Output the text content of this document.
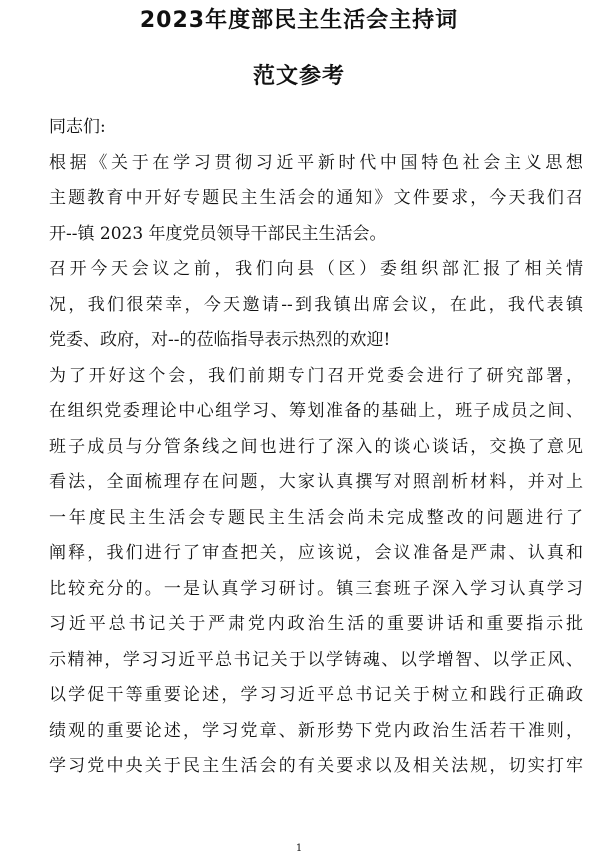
2023年度部民主生活会主持词
范文参考

同志们:

根据《关于在学习贯彻习近平新时代中国特色社会主义思想
主题教育中开好专题民主生活会的通知》文件要求，今天我们召
开--镇 2023 年度党员领导干部民主生活会。

召开今天会议之前，我们向县（区）委组织部汇报了相关情
况，我们很荣幸，今天邀请--到我镇出席会议，在此，我代表镇
党委、政府，对--的莅临指导表示热烈的欢迎!

为了开好这个会，我们前期专门召开党委会进行了研究部署，
在组织党委理论中心组学习、筹划准备的基础上，班子成员之间、
班子成员与分管条线之间也进行了深入的谈心谈话，交换了意见
看法，全面梳理存在问题，大家认真撰写对照剖析材料，并对上
一年度民主生活会专题民主生活会尚未完成整改的问题进行了
阐释，我们进行了审查把关，应该说，会议准备是严肃、认真和
比较充分的。一是认真学习研讨。镇三套班子深入学习认真学习
习近平总书记关于严肃党内政治生活的重要讲话和重要指示批
示精神，学习习近平总书记关于以学铸魂、以学增智、以学正风、
以学促干等重要论述，学习习近平总书记关于树立和践行正确政
绩观的重要论述，学习党章、新形势下党内政治生活若干准则，
学习党中央关于民主生活会的有关要求以及相关法规，切实打牢

1
